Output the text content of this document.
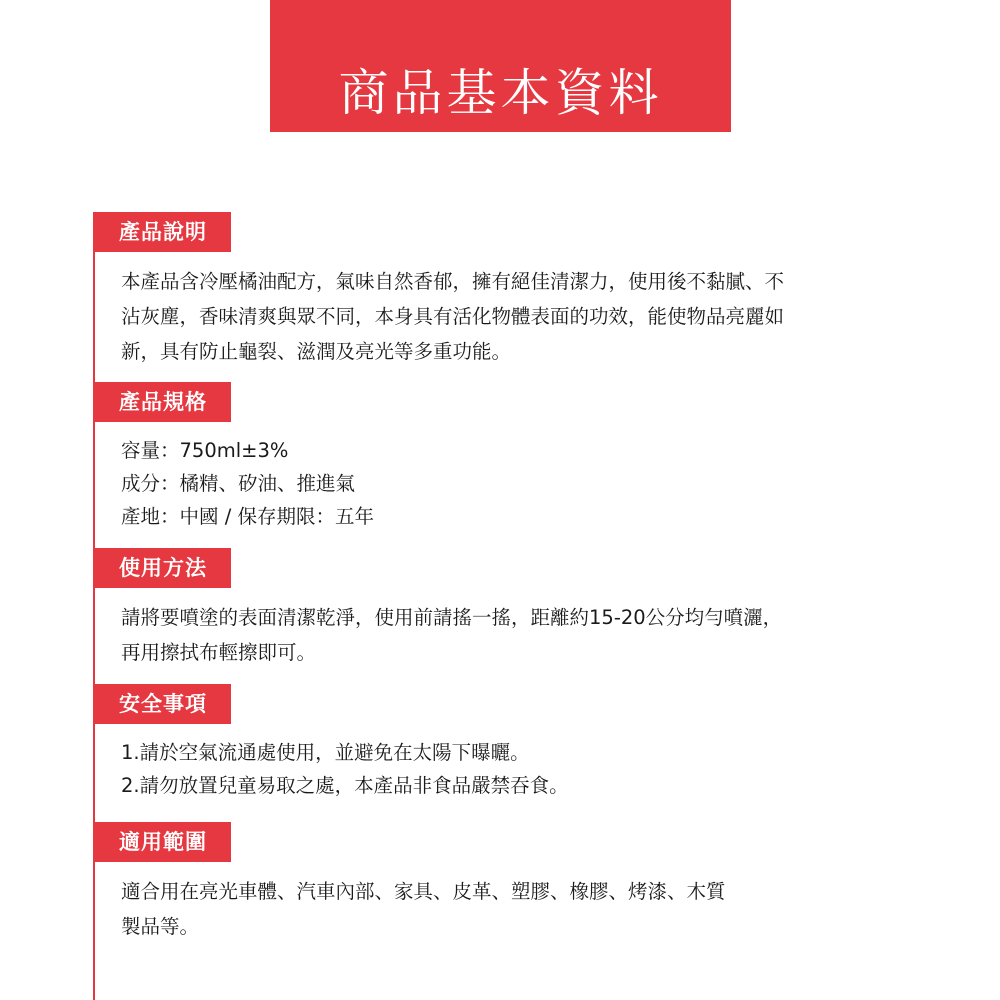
商品基本資料
產品說明
本產品含冷壓橘油配方，氣味自然香郁，擁有絕佳清潔力，使用後不黏膩、不
沾灰塵，香味清爽與眾不同，本身具有活化物體表面的功效，能使物品亮麗如
新，具有防止龜裂、滋潤及亮光等多重功能。
產品規格
容量：750ml±3%
成分：橘精、矽油、推進氣
產地：中國 / 保存期限：五年
使用方法
請將要噴塗的表面清潔乾淨，使用前請搖一搖，距離約15-20公分均勻噴灑，
再用擦拭布輕擦即可。
安全事項
1.請於空氣流通處使用，並避免在太陽下曝曬。
2.請勿放置兒童易取之處，本產品非食品嚴禁吞食。
適用範圍
適合用在亮光車體、汽車內部、家具、皮革、塑膠、橡膠、烤漆、木質
製品等。
